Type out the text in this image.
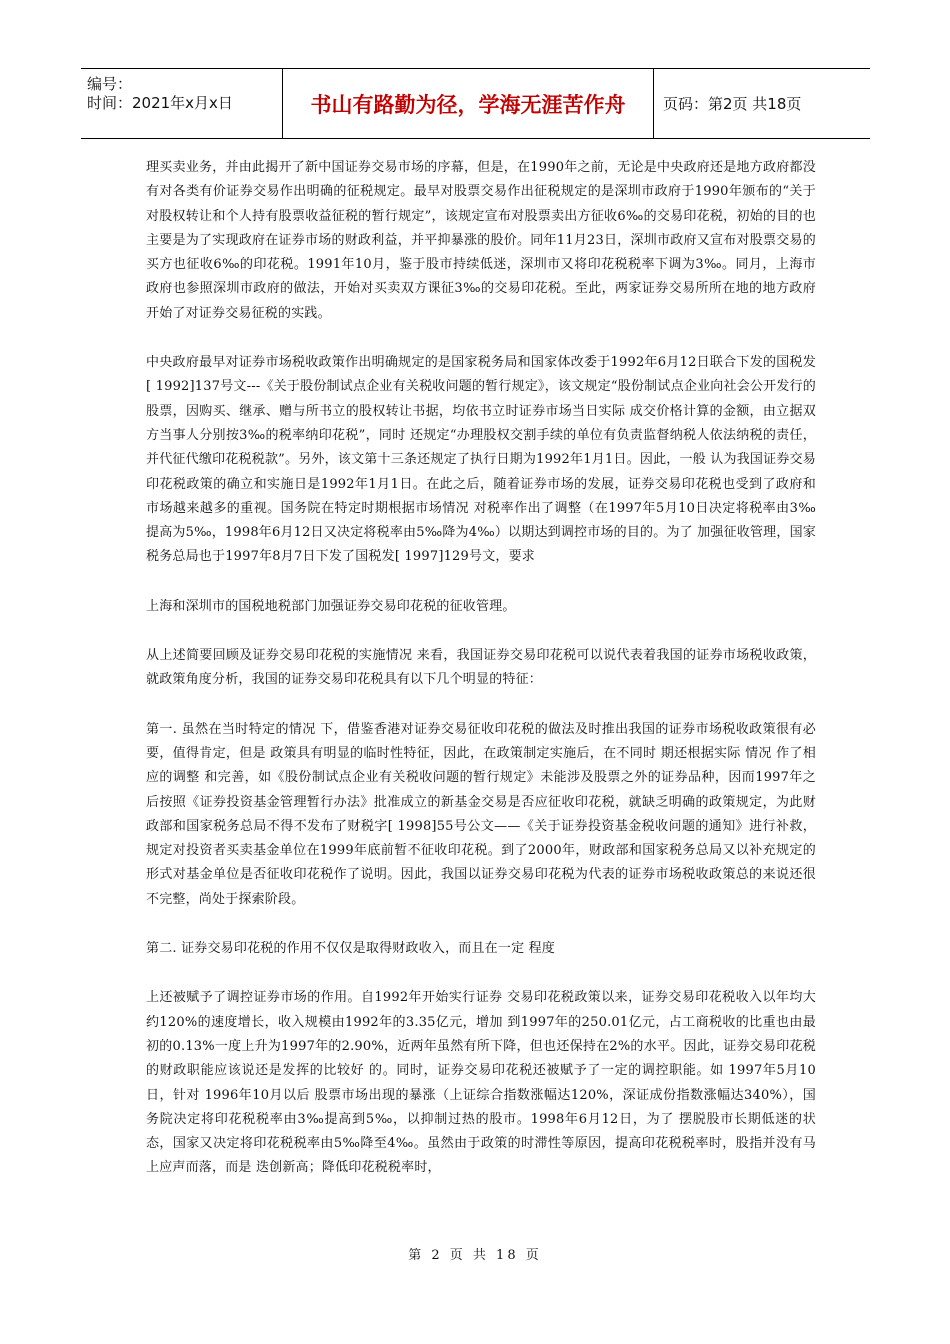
编号：
时间：2021年x月x日	书山有路勤为径，学海无涯苦作舟	页码：第2页 共18页

理买卖业务，并由此揭开了新中国证券交易市场的序幕，但是，在1990年之前，无论是中央政府还是地方政府都没有对各类有价证券交易作出明确的征税规定。最早对股票交易作出征税规定的是深圳市政府于1990年颁布的“关于对股权转让和个人持有股票收益征税的暂行规定”，该规定宣布对股票卖出方征收6‰的交易印花税，初始的目的也主要是为了实现政府在证券市场的财政利益，并平抑暴涨的股价。同年11月23日，深圳市政府又宣布对股票交易的买方也征收6‰的印花税。1991年10月，鉴于股市持续低迷，深圳市又将印花税税率下调为3‰。同月，上海市政府也参照深圳市政府的做法，开始对买卖双方课征3‰的交易印花税。至此，两家证券交易所所在地的地方政府开始了对证券交易征税的实践。

中央政府最早对证券市场税收政策作出明确规定的是国家税务局和国家体改委于1992年6月12日联合下发的国税发[ 1992]137号文---《关于股份制试点企业有关税收问题的暂行规定》，该文规定“股份制试点企业向社会公开发行的股票，因购买、继承、赠与所书立的股权转让书据，均依书立时证券市场当日实际 成交价格计算的金额，由立据双方当事人分别按3‰的税率纳印花税”，同时 还规定“办理股权交割手续的单位有负责监督纳税人依法纳税的责任，并代征代缴印花税税款”。另外，该文第十三条还规定了执行日期为1992年1月1日。因此，一般 认为我国证券交易印花税政策的确立和实施日是1992年1月1日。在此之后，随着证券市场的发展，证券交易印花税也受到了政府和市场越来越多的重视。国务院在特定时期根据市场情况 对税率作出了调整（在1997年5月10日决定将税率由3‰提高为5‰，1998年6月12日又决定将税率由5‰降为4‰）以期达到调控市场的目的。为了 加强征收管理，国家税务总局也于1997年8月7日下发了国税发[ 1997]129号文，要求

上海和深圳市的国税地税部门加强证券交易印花税的征收管理。

从上述简要回顾及证券交易印花税的实施情况 来看，我国证券交易印花税可以说代表着我国的证券市场税收政策，就政策角度分析，我国的证券交易印花税具有以下几个明显的特征：

第一. 虽然在当时特定的情况 下，借鉴香港对证券交易征收印花税的做法及时推出我国的证券市场税收政策很有必要，值得肯定，但是 政策具有明显的临时性特征，因此，在政策制定实施后，在不同时 期还根据实际 情况 作了相应的调整 和完善，如《股份制试点企业有关税收问题的暂行规定》未能涉及股票之外的证券品种，因而1997年之后按照《证券投资基金管理暂行办法》批准成立的新基金交易是否应征收印花税，就缺乏明确的政策规定，为此财政部和国家税务总局不得不发布了财税字[ 1998]55号公文——《关于证券投资基金税收问题的通知》进行补救，规定对投资者买卖基金单位在1999年底前暂不征收印花税。到了2000年，财政部和国家税务总局又以补充规定的形式对基金单位是否征收印花税作了说明。因此，我国以证券交易印花税为代表的证券市场税收政策总的来说还很不完整，尚处于探索阶段。

第二. 证券交易印花税的作用不仅仅是取得财政收入，而且在一定 程度

上还被赋予了调控证券市场的作用。自1992年开始实行证券 交易印花税政策以来，证券交易印花税收入以年均大约120%的速度增长，收入规模由1992年的3.35亿元，增加 到1997年的250.01亿元，占工商税收的比重也由最初的0.13%一度上升为1997年的2.90%，近两年虽然有所下降，但也还保持在2%的水平。因此，证券交易印花税的财政职能应该说还是发挥的比较好 的。同时，证券交易印花税还被赋予了一定的调控职能。如 1997年5月10日，针对 1996年10月以后 股票市场出现的暴涨（上证综合指数涨幅达120%，深证成份指数涨幅达340%），国务院决定将印花税税率由3‰提高到5‰，以抑制过热的股市。1998年6月12日，为了 摆脱股市长期低迷的状态，国家又决定将印花税税率由5‰降至4‰。虽然由于政策的时滞性等原因，提高印花税税率时，股指并没有马上应声而落，而是 迭创新高；降低印花税税率时，

第 2 页 共 18 页
